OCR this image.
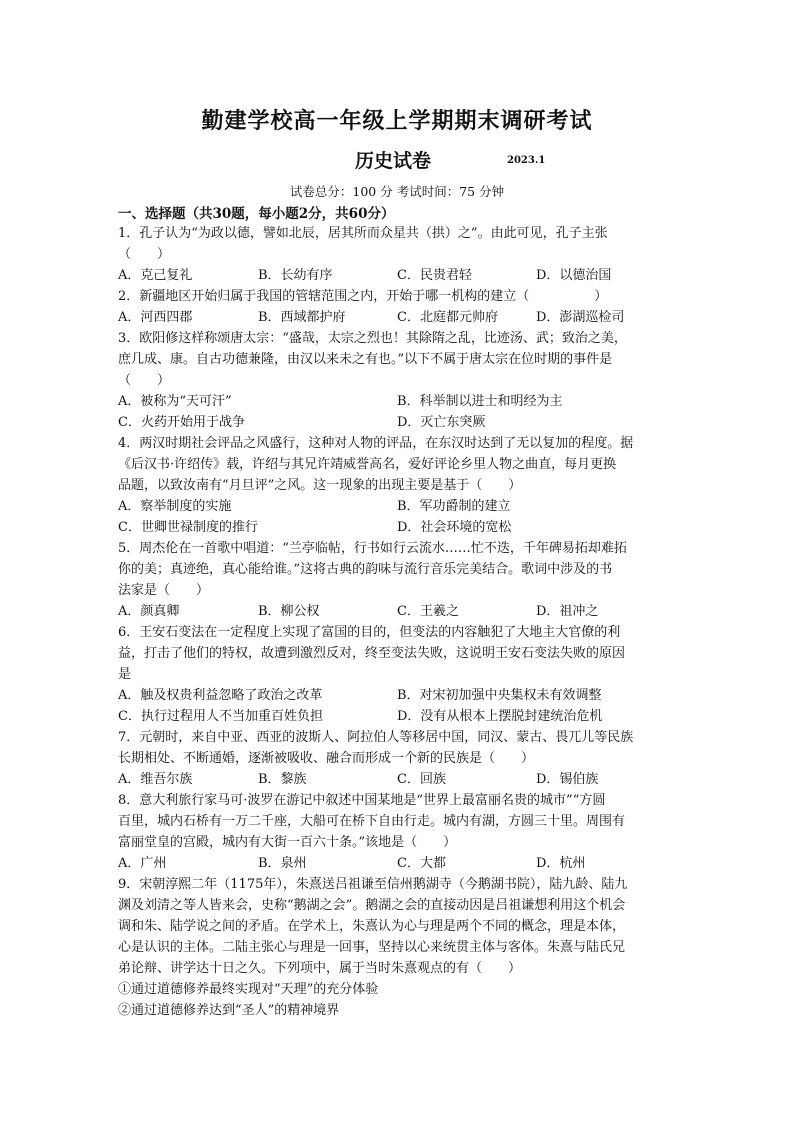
勤建学校高一年级上学期期末调研考试
历史试卷	2023.1
试卷总分：100 分 考试时间：75 分钟
一、选择题（共30题，每小题2分，共60分）
1．孔子认为“为政以德，譬如北辰，居其所而众星共（拱）之”。由此可见，孔子主张
（　　）
A．克己复礼	B．长幼有序	C．民贵君轻	D．以德治国
2．新疆地区开始归属于我国的管辖范围之内，开始于哪一机构的建立（　　　　　）
A．河西四郡	B．西域都护府	C．北庭都元帅府	D．澎湖巡检司
3．欧阳修这样称颂唐太宗：“盛哉，太宗之烈也！其除隋之乱，比迹汤、武；致治之美，
庶几成、康。自古功德兼隆，由汉以来未之有也。”以下不属于唐太宗在位时期的事件是
（　　）
A．被称为“天可汗”	B．科举制以进士和明经为主
C．火药开始用于战争	D．灭亡东突厥
4．两汉时期社会评品之风盛行，这种对人物的评品，在东汉时达到了无以复加的程度。据
《后汉书·许绍传》载，许绍与其兄许靖威誉高名，爱好评论乡里人物之曲直，每月更换
品题，以致汝南有“月旦评”之风。这一现象的出现主要是基于（　　）
A．察举制度的实施	B．军功爵制的建立
C．世卿世禄制度的推行	D．社会环境的宽松
5．周杰伦在一首歌中唱道：“兰亭临帖，行书如行云流水……忙不迭，千年碑易拓却难拓
你的美；真迹绝，真心能给谁。”这将古典的韵味与流行音乐完美结合。歌词中涉及的书
法家是（　　）
A．颜真卿	B．柳公权	C．王羲之	D．祖冲之
6．王安石变法在一定程度上实现了富国的目的，但变法的内容触犯了大地主大官僚的利
益，打击了他们的特权，故遭到激烈反对，终至变法失败，这说明王安石变法失败的原因
是
A．触及权贵利益忽略了政治之改革	B．对宋初加强中央集权未有效调整
C．执行过程用人不当加重百姓负担	D．没有从根本上摆脱封建统治危机
7．元朝时，来自中亚、西亚的波斯人、阿拉伯人等移居中国，同汉、蒙古、畏兀儿等民族
长期相处、不断通婚，逐渐被吸收、融合而形成一个新的民族是（　　）
A．维吾尔族	B．黎族	C．回族	D．锡伯族
8．意大利旅行家马可·波罗在游记中叙述中国某地是“世界上最富丽名贵的城市”“方圆
百里，城内石桥有一万二千座，大船可在桥下自由行走。城内有湖，方圆三十里。周围有
富丽堂皇的宫殿，城内有大街一百六十条。”该地是（　　）
A．广州	B．泉州	C．大都	D．杭州
9．宋朝淳熙二年（1175年），朱熹送吕祖谦至信州鹅湖寺（今鹅湖书院），陆九龄、陆九
渊及刘清之等人皆来会，史称“鹅湖之会”。鹅湖之会的直接动因是吕祖谦想利用这个机会
调和朱、陆学说之间的矛盾。在学术上，朱熹认为心与理是两个不同的概念，理是本体，
心是认识的主体。二陆主张心与理是一回事，坚持以心来统贯主体与客体。朱熹与陆氏兄
弟论辩、讲学达十日之久。下列项中，属于当时朱熹观点的有（　　）
①通过道德修养最终实现对“天理”的充分体验
②通过道德修养达到“圣人”的精神境界
